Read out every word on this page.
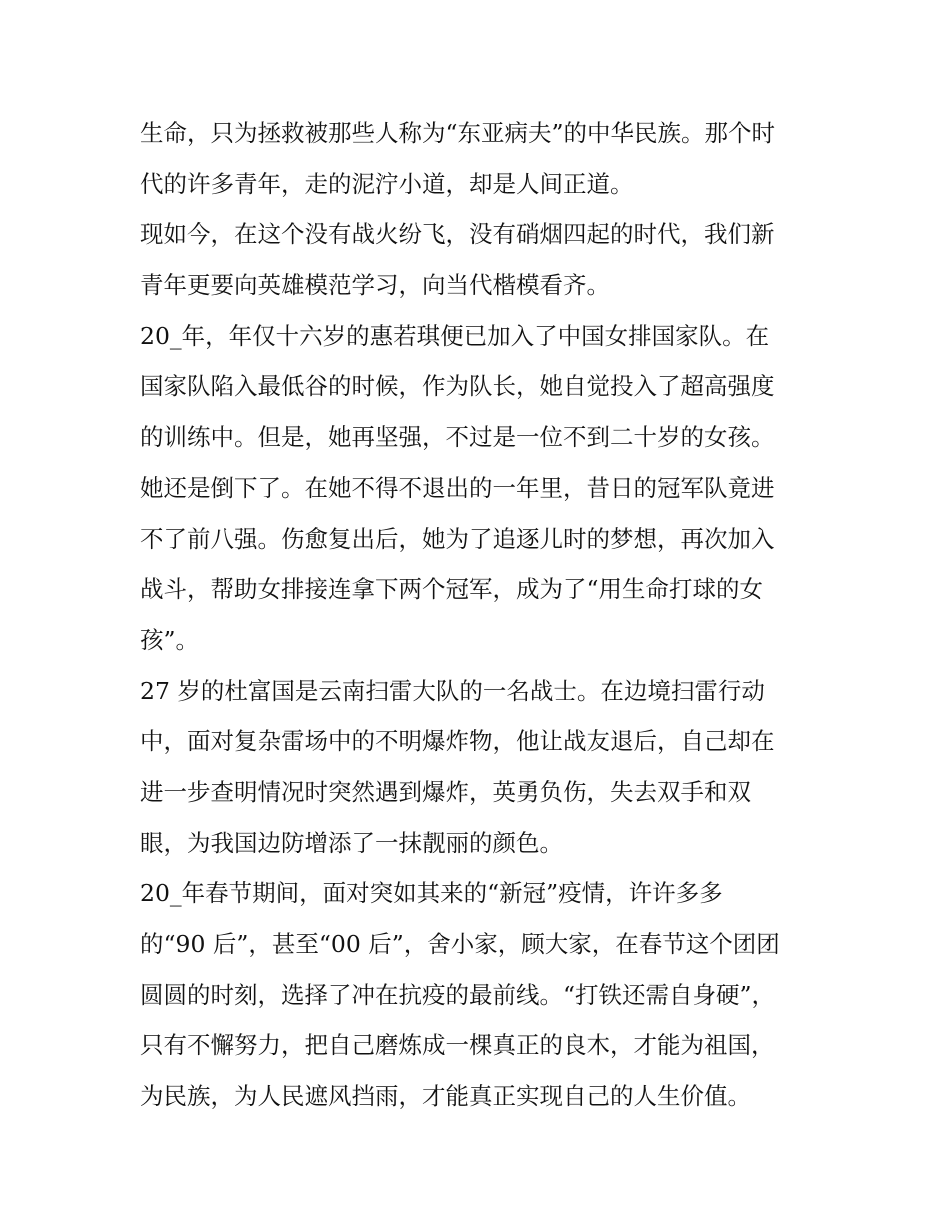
生命，只为拯救被那些人称为“东亚病夫”的中华民族。那个时
代的许多青年，走的泥泞小道，却是人间正道。
现如今，在这个没有战火纷飞，没有硝烟四起的时代，我们新
青年更要向英雄模范学习，向当代楷模看齐。
20_年，年仅十六岁的惠若琪便已加入了中国女排国家队。在
国家队陷入最低谷的时候，作为队长，她自觉投入了超高强度
的训练中。但是，她再坚强，不过是一位不到二十岁的女孩。
她还是倒下了。在她不得不退出的一年里，昔日的冠军队竟进
不了前八强。伤愈复出后，她为了追逐儿时的梦想，再次加入
战斗，帮助女排接连拿下两个冠军，成为了“用生命打球的女
孩”。
27 岁的杜富国是云南扫雷大队的一名战士。在边境扫雷行动
中，面对复杂雷场中的不明爆炸物，他让战友退后，自己却在
进一步查明情况时突然遇到爆炸，英勇负伤，失去双手和双
眼，为我国边防增添了一抹靓丽的颜色。
20_年春节期间，面对突如其来的“新冠”疫情，许许多多
的“90 后”，甚至“00 后”，舍小家，顾大家，在春节这个团团
圆圆的时刻，选择了冲在抗疫的最前线。“打铁还需自身硬”，
只有不懈努力，把自己磨炼成一棵真正的良木，才能为祖国，
为民族，为人民遮风挡雨，才能真正实现自己的人生价值。
